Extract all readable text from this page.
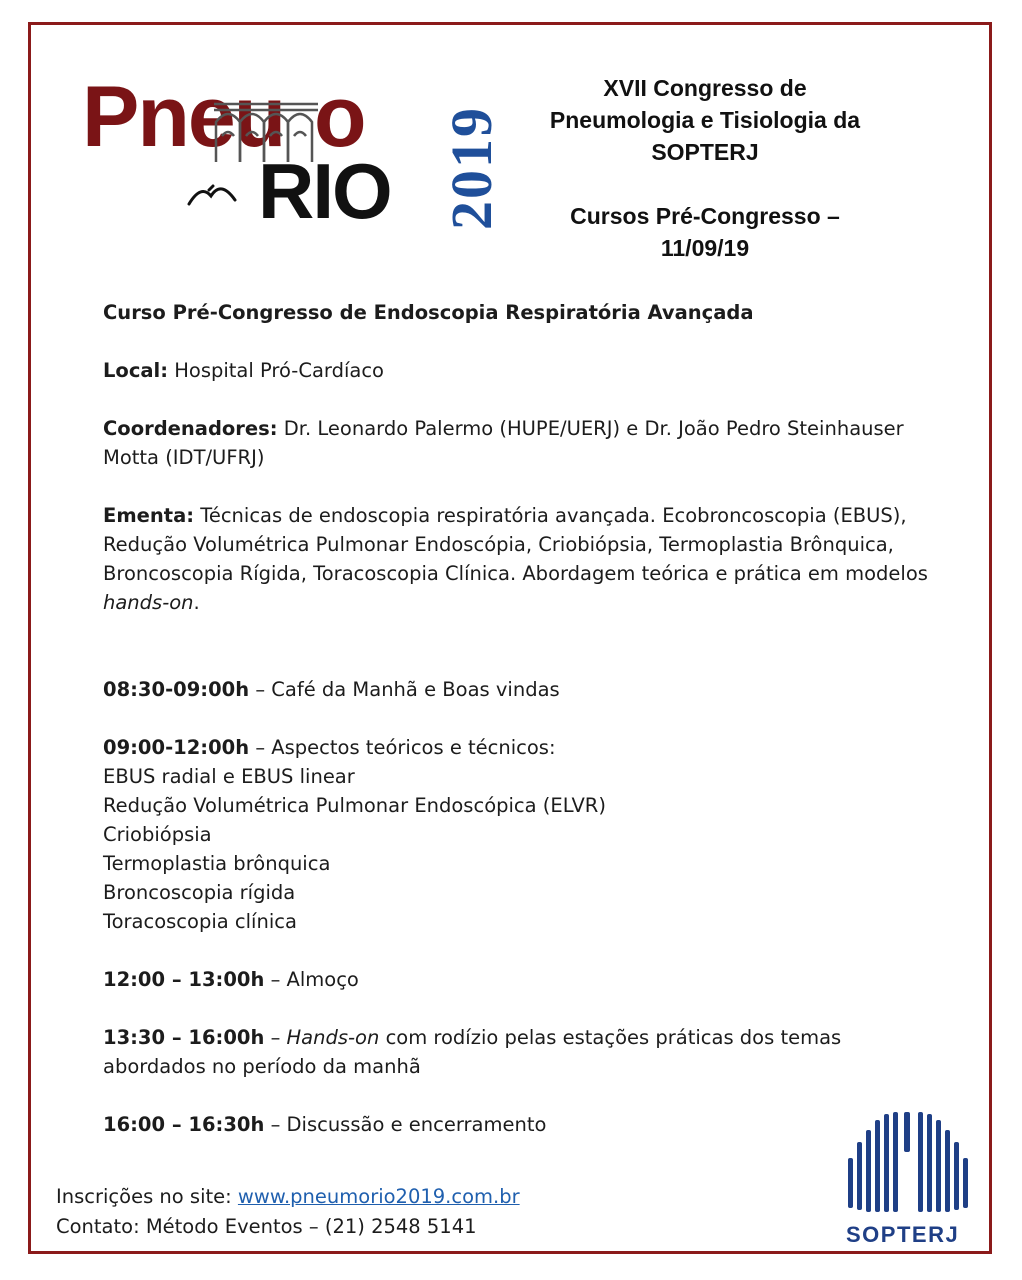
Pneu o
RIO 2019
XVII Congresso de
Pneumologia e Tisiologia da
SOPTERJ
Cursos Pré-Congresso –
11/09/19

Curso Pré-Congresso de Endoscopia Respiratória Avançada

Local: Hospital Pró-Cardíaco

Coordenadores: Dr. Leonardo Palermo (HUPE/UERJ) e Dr. João Pedro Steinhauser Motta (IDT/UFRJ)

Ementa: Técnicas de endoscopia respiratória avançada. Ecobroncoscopia (EBUS), Redução Volumétrica Pulmonar Endoscópia, Criobiópsia, Termoplastia Brônquica, Broncoscopia Rígida, Toracoscopia Clínica. Abordagem teórica e prática em modelos hands-on.

08:30-09:00h – Café da Manhã e Boas vindas

09:00-12:00h – Aspectos teóricos e técnicos:

EBUS radial e EBUS linear
Redução Volumétrica Pulmonar Endoscópica (ELVR)
Criobiópsia
Termoplastia brônquica
Broncoscopia rígida
Toracoscopia clínica

12:00 – 13:00h – Almoço

13:30 – 16:00h – Hands-on com rodízio pelas estações práticas dos temas abordados no período da manhã

16:00 – 16:30h – Discussão e encerramento

Inscrições no site: www.pneumorio2019.com.br
Contato: Método Eventos – (21) 2548 5141	SOPTERJ
